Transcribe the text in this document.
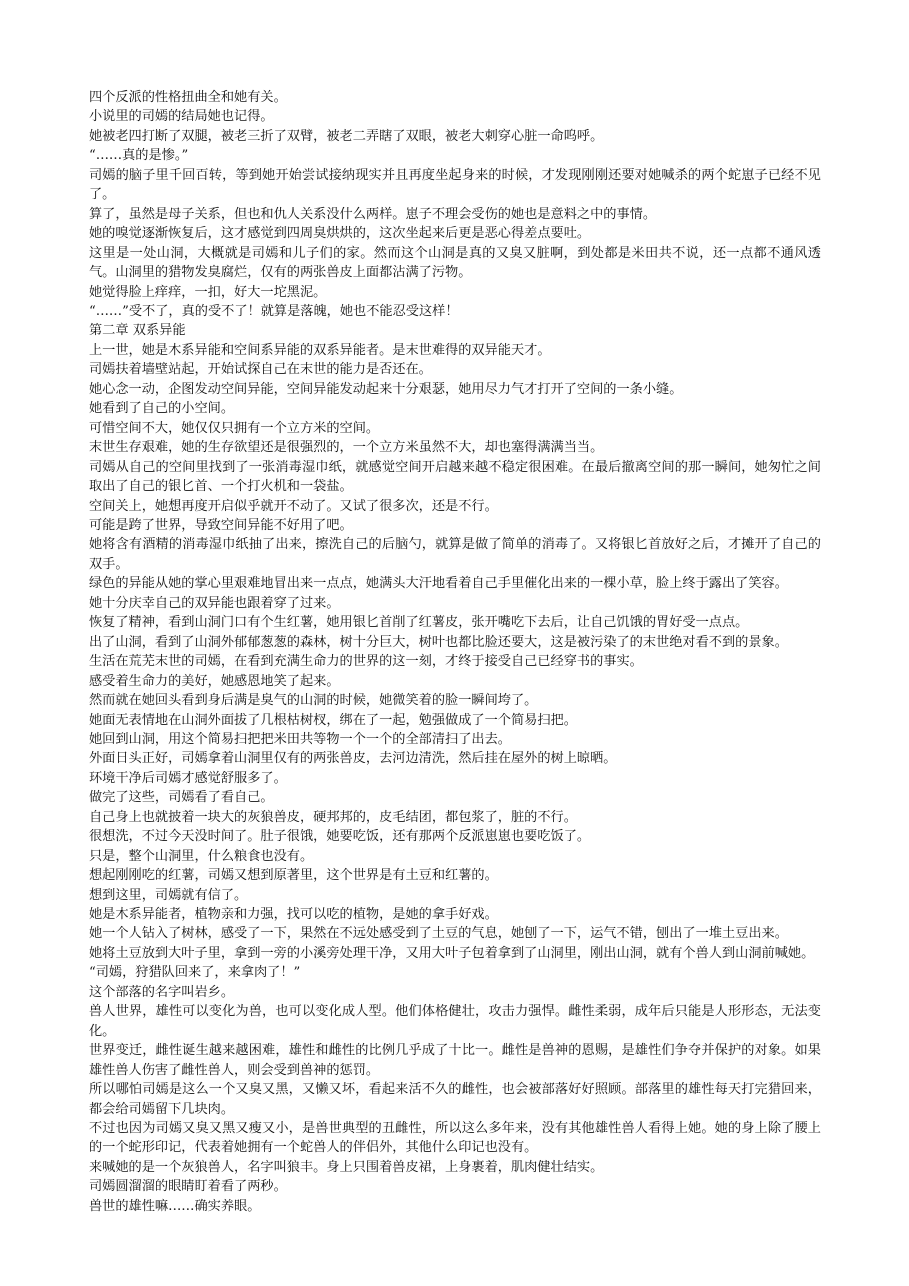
四个反派的性格扭曲全和她有关。

小说里的司嫣的结局她也记得。

她被老四打断了双腿，被老三折了双臂，被老二弄瞎了双眼，被老大刺穿心脏一命呜呼。

“……真的是惨。”

司嫣的脑子里千回百转，等到她开始尝试接纳现实并且再度坐起身来的时候，才发现刚刚还要对她喊杀的两个蛇崽子已经不见了。

算了，虽然是母子关系，但也和仇人关系没什么两样。崽子不理会受伤的她也是意料之中的事情。

她的嗅觉逐渐恢复后，这才感觉到四周臭烘烘的，这次坐起来后更是恶心得差点要吐。

这里是一处山洞，大概就是司嫣和儿子们的家。然而这个山洞是真的又臭又脏啊，到处都是米田共不说，还一点都不通风透气。山洞里的猎物发臭腐烂，仅有的两张兽皮上面都沾满了污物。

她觉得脸上痒痒，一扣，好大一坨黑泥。

“……”受不了，真的受不了！就算是落魄，她也不能忍受这样！

第二章 双系异能

上一世，她是木系异能和空间系异能的双系异能者。是末世难得的双异能天才。

司嫣扶着墙壁站起，开始试探自己在末世的能力是否还在。

她心念一动，企图发动空间异能，空间异能发动起来十分艰瑟，她用尽力气才打开了空间的一条小缝。

她看到了自己的小空间。

可惜空间不大，她仅仅只拥有一个立方米的空间。

末世生存艰难，她的生存欲望还是很强烈的，一个立方米虽然不大，却也塞得满满当当。

司嫣从自己的空间里找到了一张消毒湿巾纸，就感觉空间开启越来越不稳定很困难。在最后撤离空间的那一瞬间，她匆忙之间取出了自己的银匕首、一个打火机和一袋盐。

空间关上，她想再度开启似乎就开不动了。又试了很多次，还是不行。

可能是跨了世界，导致空间异能不好用了吧。

她将含有酒精的消毒湿巾纸抽了出来，擦洗自己的后脑勺，就算是做了简单的消毒了。又将银匕首放好之后，才摊开了自己的双手。

绿色的异能从她的掌心里艰难地冒出来一点点，她满头大汗地看着自己手里催化出来的一棵小草，脸上终于露出了笑容。

她十分庆幸自己的双异能也跟着穿了过来。

恢复了精神，看到山洞门口有个生红薯，她用银匕首削了红薯皮，张开嘴吃下去后，让自己饥饿的胃好受一点点。

出了山洞，看到了山洞外郁郁葱葱的森林，树十分巨大，树叶也都比脸还要大，这是被污染了的末世绝对看不到的景象。

生活在荒芜末世的司嫣，在看到充满生命力的世界的这一刻，才终于接受自己已经穿书的事实。

感受着生命力的美好，她感恩地笑了起来。

然而就在她回头看到身后满是臭气的山洞的时候，她微笑着的脸一瞬间垮了。

她面无表情地在山洞外面拔了几根枯树杈，绑在了一起，勉强做成了一个简易扫把。

她回到山洞，用这个简易扫把把米田共等物一个一个的全部清扫了出去。

外面日头正好，司嫣拿着山洞里仅有的两张兽皮，去河边清洗，然后挂在屋外的树上晾晒。

环境干净后司嫣才感觉舒服多了。

做完了这些，司嫣看了看自己。

自己身上也就披着一块大的灰狼兽皮，硬邦邦的，皮毛结团，都包浆了，脏的不行。

很想洗，不过今天没时间了。肚子很饿，她要吃饭，还有那两个反派崽崽也要吃饭了。

只是，整个山洞里，什么粮食也没有。

想起刚刚吃的红薯，司嫣又想到原著里，这个世界是有土豆和红薯的。

想到这里，司嫣就有信了。

她是木系异能者，植物亲和力强，找可以吃的植物，是她的拿手好戏。

她一个人钻入了树林，感受了一下，果然在不远处感受到了土豆的气息，她刨了一下，运气不错，刨出了一堆土豆出来。

她将土豆放到大叶子里，拿到一旁的小溪旁处理干净，又用大叶子包着拿到了山洞里，刚出山洞，就有个兽人到山洞前喊她。

“司嫣，狩猎队回来了，来拿肉了！”

这个部落的名字叫岩乡。

兽人世界，雄性可以变化为兽，也可以变化成人型。他们体格健壮，攻击力强悍。雌性柔弱，成年后只能是人形形态，无法变化。

世界变迁，雌性诞生越来越困难，雄性和雌性的比例几乎成了十比一。雌性是兽神的恩赐，是雄性们争夺并保护的对象。如果雄性兽人伤害了雌性兽人，则会受到兽神的惩罚。

所以哪怕司嫣是这么一个又臭又黑，又懒又坏，看起来活不久的雌性，也会被部落好好照顾。部落里的雄性每天打完猎回来，都会给司嫣留下几块肉。

不过也因为司嫣又臭又黑又瘦又小，是兽世典型的丑雌性，所以这么多年来，没有其他雄性兽人看得上她。她的身上除了腰上的一个蛇形印记，代表着她拥有一个蛇兽人的伴侣外，其他什么印记也没有。

来喊她的是一个灰狼兽人，名字叫狼丰。身上只围着兽皮裙，上身裹着，肌肉健壮结实。

司嫣圆溜溜的眼睛盯着看了两秒。

兽世的雄性嘛……确实养眼。
